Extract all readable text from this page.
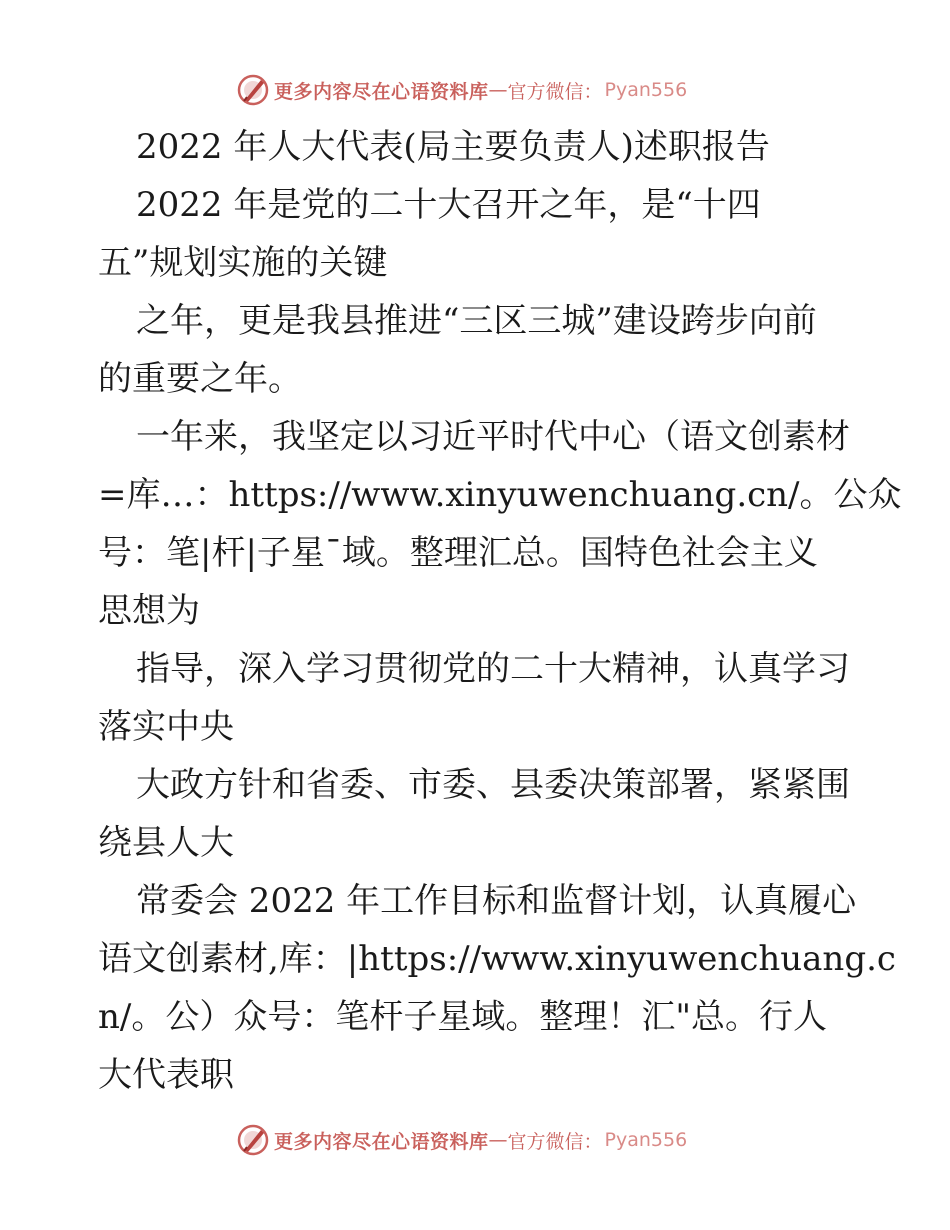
更多内容尽在心语资料库 — 官方微信： Pyan556
2022 年人大代表(局主要负责人)述职报告
2022 年是党的二十大召开之年，是“十四
五”规划实施的关键
之年，更是我县推进“三区三城”建设跨步向前
的重要之年。
一年来，我坚定以习近平时代中心（语文创素材
=库…：https://www.xinyuwenchuang.cn/。公众
号：笔|杆|子星¯域。整理汇总。国特色社会主义
思想为
指导，深入学习贯彻党的二十大精神，认真学习
落实中央
大政方针和省委、市委、县委决策部署，紧紧围
绕县人大
常委会 2022 年工作目标和监督计划，认真履心
语文创素材,库：|https://www.xinyuwenchuang.c
n/。公）众号：笔杆子星域。整理！汇"总。行人
大代表职
更多内容尽在心语资料库 — 官方微信： Pyan556
